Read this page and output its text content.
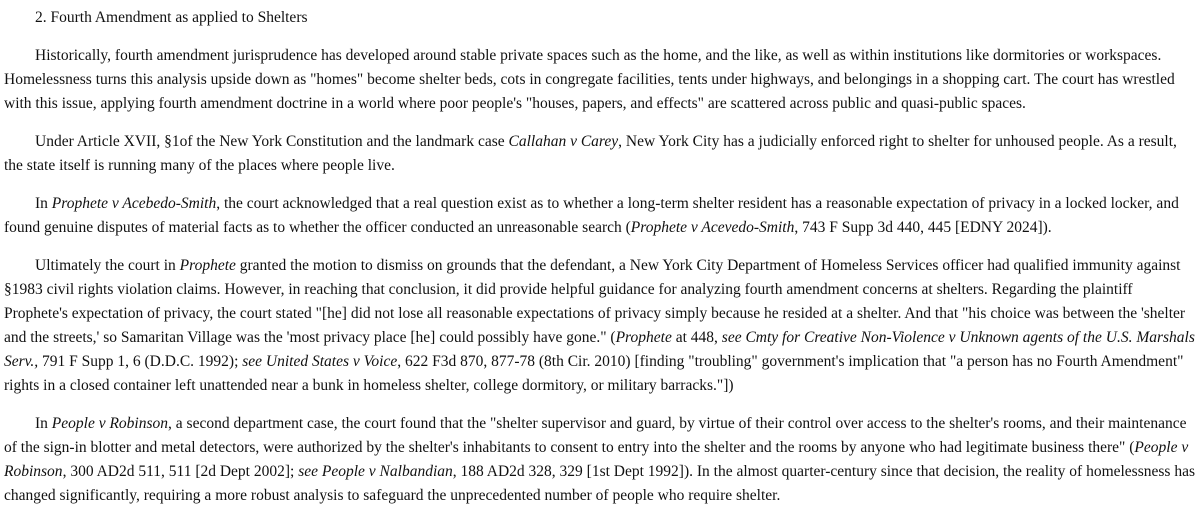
2. Fourth Amendment as applied to Shelters

Historically, fourth amendment jurisprudence has developed around stable private spaces such as the home, and the like, as well as within institutions like dormitories or workspaces. Homelessness turns this analysis upside down as "homes" become shelter beds, cots in congregate facilities, tents under highways, and belongings in a shopping cart. The court has wrestled with this issue, applying fourth amendment doctrine in a world where poor people's "houses, papers, and effects" are scattered across public and quasi-public spaces.

Under Article XVII, §1of the New York Constitution and the landmark case Callahan v Carey, New York City has a judicially enforced right to shelter for unhoused people. As a result, the state itself is running many of the places where people live.

In Prophete v Acebedo-Smith, the court acknowledged that a real question exist as to whether a long-term shelter resident has a reasonable expectation of privacy in a locked locker, and found genuine disputes of material facts as to whether the officer conducted an unreasonable search (Prophete v Acevedo-Smith, 743 F Supp 3d 440, 445 [EDNY 2024]).

Ultimately the court in Prophete granted the motion to dismiss on grounds that the defendant, a New York City Department of Homeless Services officer had qualified immunity against §1983 civil rights violation claims. However, in reaching that conclusion, it did provide helpful guidance for analyzing fourth amendment concerns at shelters. Regarding the plaintiff Prophete's expectation of privacy, the court stated "[he] did not lose all reasonable expectations of privacy simply because he resided at a shelter. And that "his choice was between the 'shelter and the streets,' so Samaritan Village was the 'most privacy place [he] could possibly have gone." (Prophete at 448, see Cmty for Creative Non-Violence v Unknown agents of the U.S. Marshals Serv., 791 F Supp 1, 6 (D.D.C. 1992); see United States v Voice, 622 F3d 870, 877-78 (8th Cir. 2010) [finding "troubling" government's implication that "a person has no Fourth Amendment" rights in a closed container left unattended near a bunk in homeless shelter, college dormitory, or military barracks."])

In People v Robinson, a second department case, the court found that the "shelter supervisor and guard, by virtue of their control over access to the shelter's rooms, and their maintenance of the sign-in blotter and metal detectors, were authorized by the shelter's inhabitants to consent to entry into the shelter and the rooms by anyone who had legitimate business there" (People v Robinson, 300 AD2d 511, 511 [2d Dept 2002]; see People v Nalbandian, 188 AD2d 328, 329 [1st Dept 1992]). In the almost quarter-century since that decision, the reality of homelessness has changed significantly, requiring a more robust analysis to safeguard the unprecedented number of people who require shelter.
